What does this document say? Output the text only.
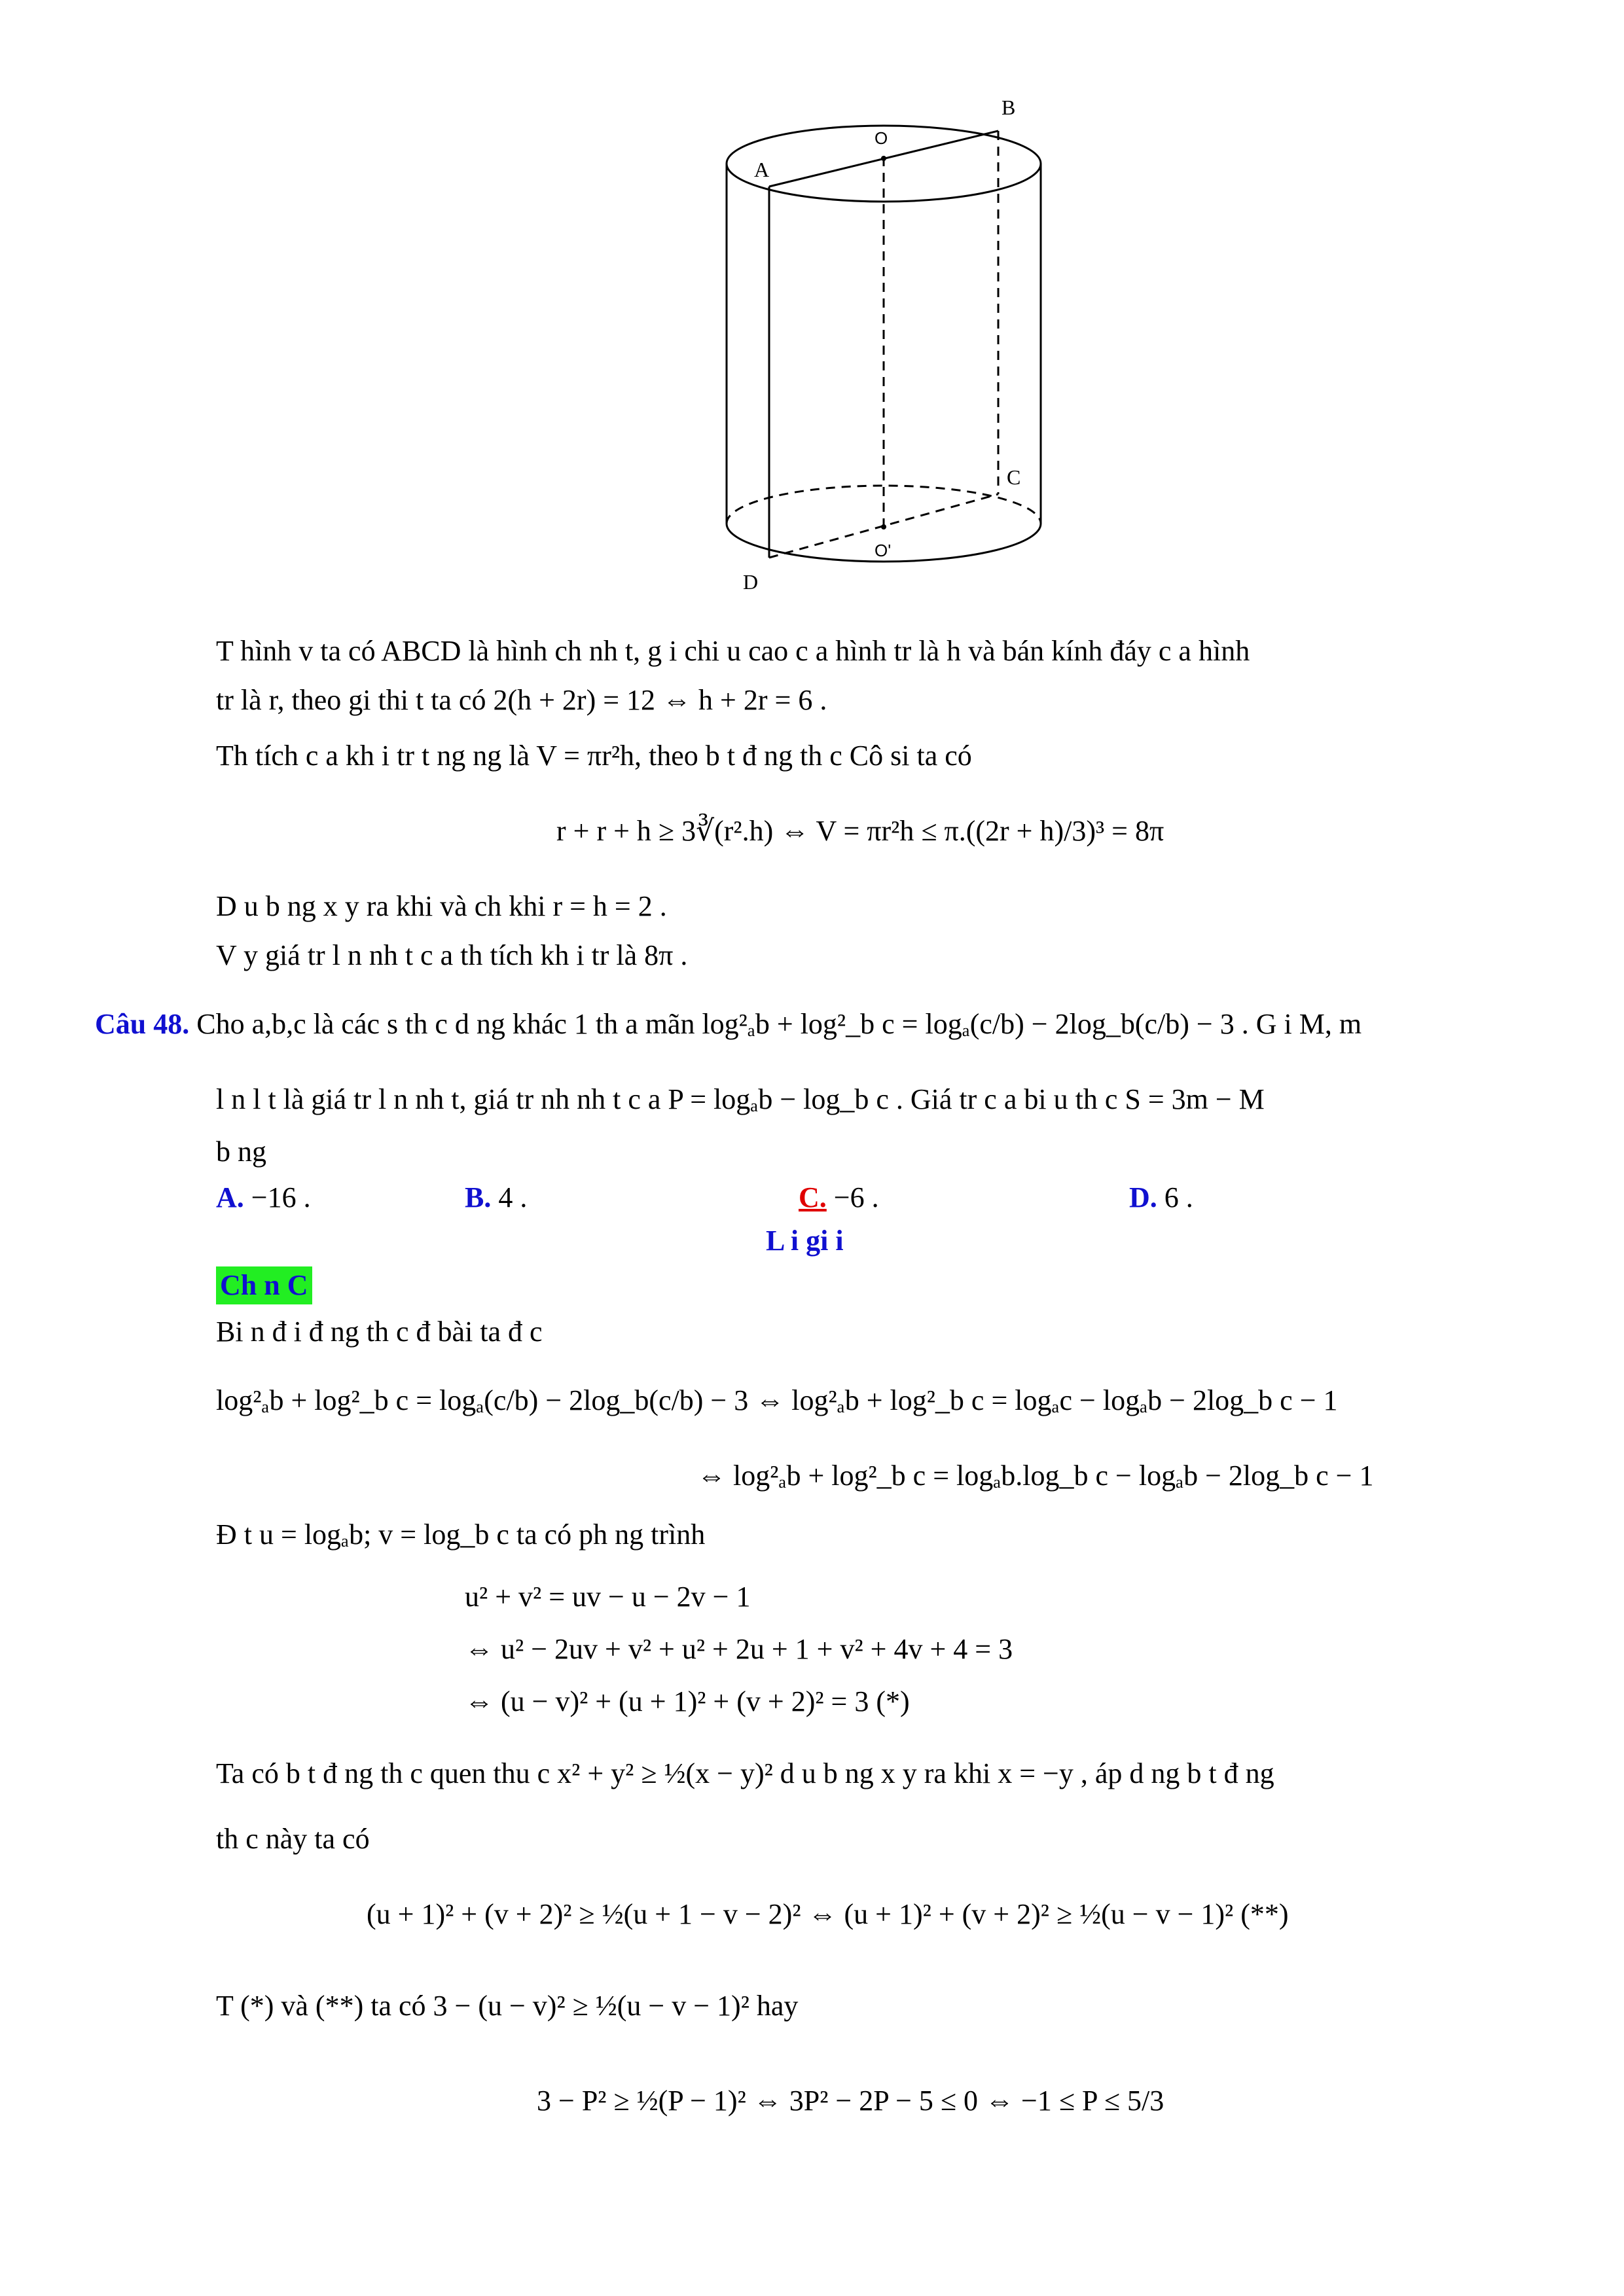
A
B
C
D
O
O'
T hình v ta có ABCD là hình ch nh t, g i chi u cao c a hình tr là h và bán kính đáy c a hình
tr là r, theo gi thi t ta có 2(h + 2r) = 12 ⇔ h + 2r = 6 .
Th tích c a kh i tr t ng ng là V = πr²h, theo b t đ ng th c Cô si ta có
r + r + h ≥ 3∛(r².h) ⇔ V = πr²h ≤ π.((2r + h)/3)³ = 8π
D u b ng x y ra khi và ch khi r = h = 2 .
V y giá tr l n nh t c a th tích kh i tr là 8π .
Câu 48. Cho a,b,c là các s th c d ng khác 1 th a mãn log²ₐb + log²_b c = logₐ(c/b) − 2log_b(c/b) − 3 . G i M, m
l n l t là giá tr l n nh t, giá tr nh nh t c a P = logₐb − log_b c . Giá tr c a bi u th c S = 3m − M
b ng
A. −16 .	B. 4 .	C. −6 .	D. 6 .
L i gi i
Ch n C
Bi n đ i đ ng th c đ bài ta đ c
log²ₐb + log²_b c = logₐ(c/b) − 2log_b(c/b) − 3 ⇔ log²ₐb + log²_b c = logₐc − logₐb − 2log_b c − 1
⇔ log²ₐb + log²_b c = logₐb.log_b c − logₐb − 2log_b c − 1
Đ t u = logₐb; v = log_b c ta có ph ng trình
u² + v² = uv − u − 2v − 1
⇔ u² − 2uv + v² + u² + 2u + 1 + v² + 4v + 4 = 3
⇔ (u − v)² + (u + 1)² + (v + 2)² = 3 (*)
Ta có b t đ ng th c quen thu c x² + y² ≥ ½(x − y)² d u b ng x y ra khi x = −y , áp d ng b t đ ng
th c này ta có
(u + 1)² + (v + 2)² ≥ ½(u + 1 − v − 2)² ⇔ (u + 1)² + (v + 2)² ≥ ½(u − v − 1)² (**)
T (*) và (**) ta có 3 − (u − v)² ≥ ½(u − v − 1)² hay
3 − P² ≥ ½(P − 1)² ⇔ 3P² − 2P − 5 ≤ 0 ⇔ −1 ≤ P ≤ 5/3
